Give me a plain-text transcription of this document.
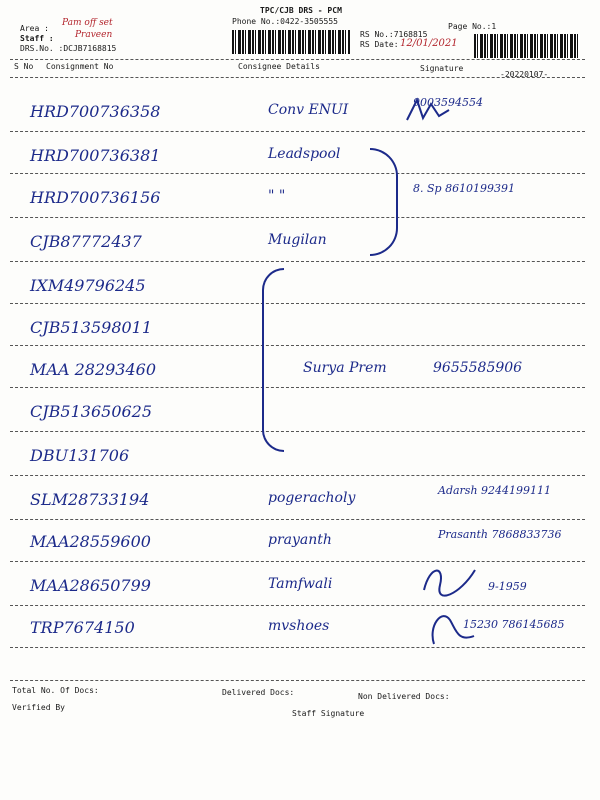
Area :
Pam off set
Staff : Praveen
DRS.No. :DCJB7168815
TPC/CJB DRS - PCM
Phone No.:0422-3505555
RS No.:7168815
RS Date: 12/01/2021
Page No.:1
S No Consignment No	Consignee Details	Signature
-20220107-
HRD700736358	Conv ENUI	9003594554
HRD700736381	Leadspool
HRD700736156	" "	8. Sp 8610199391
CJB87772437	Mugilan
IXM49796245
CJB513598011
MAA 28293460	Surya Prem	9655585906
CJB513650625
DBU131706
SLM28733194	pogeracholy	Adarsh 9244199111
MAA28559600	prayanth	Prasanth 7868833736
MAA28650799	Tamfwali	9-1959
TRP7674150	mvshoes	15230 786145685
Total No. Of Docs:	Delivered Docs:	Non Delivered Docs:
Verified By
Staff Signature
